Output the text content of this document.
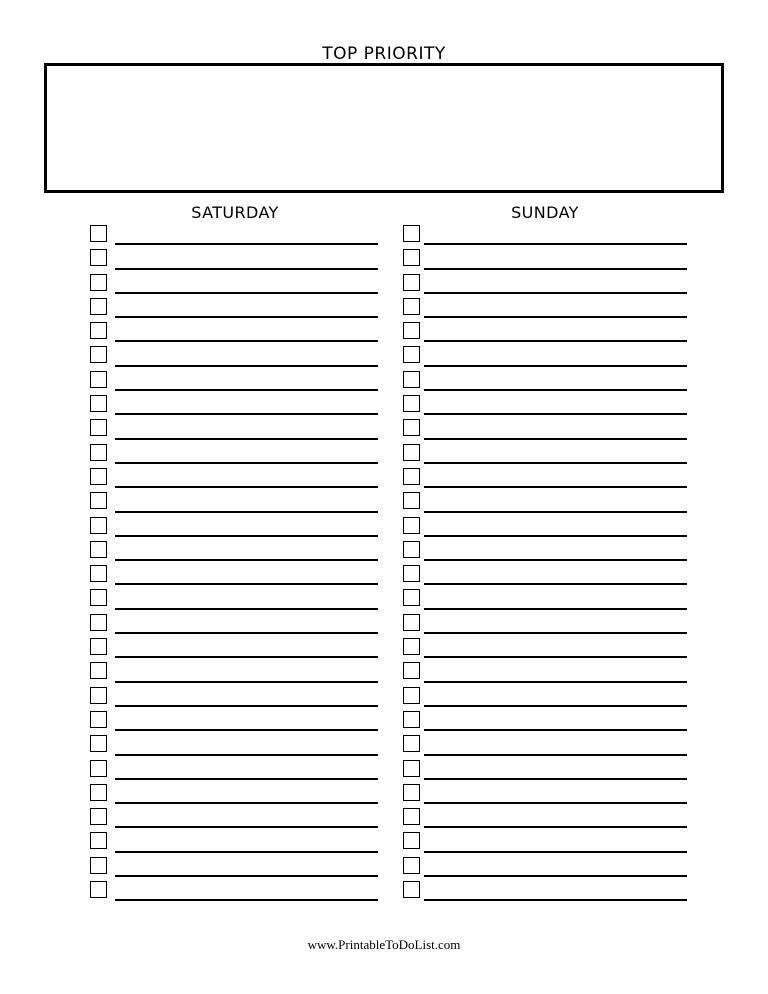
TOP PRIORITY
SATURDAY	SUNDAY
www.PrintableToDoList.com
